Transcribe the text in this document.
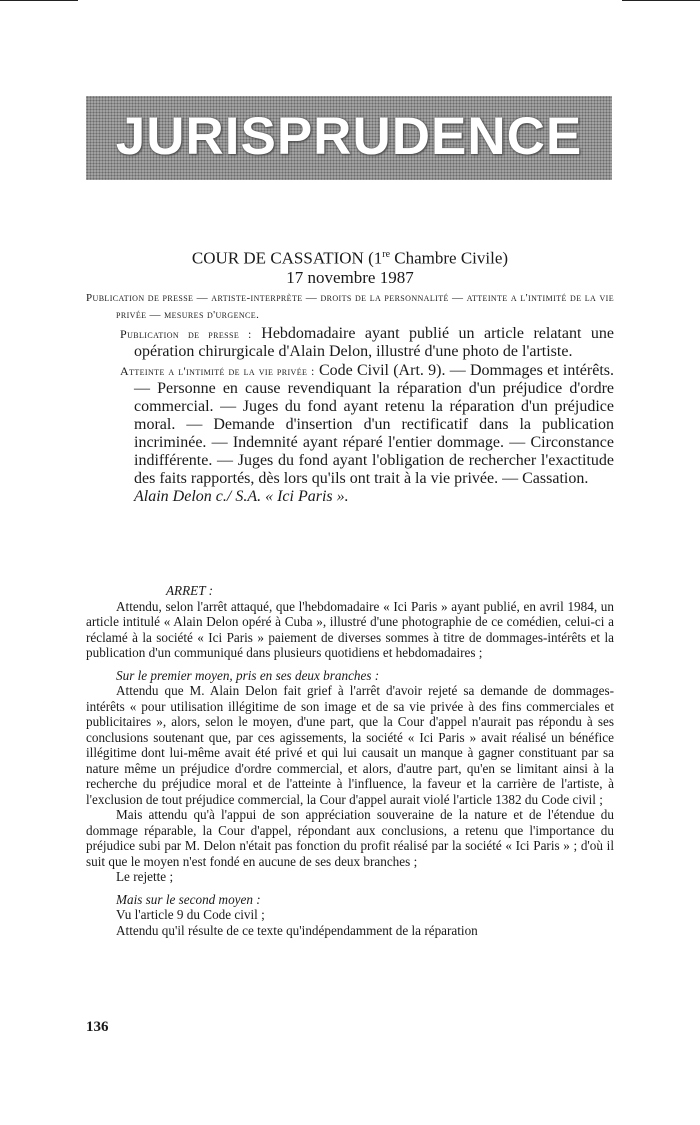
JURISPRUDENCE
COUR DE CASSATION (1re Chambre Civile)
17 novembre 1987

Publication de presse — artiste-interprète — droits de la personnalité — atteinte a l'intimité de la vie privée — mesures d'urgence.

Publication de presse : Hebdomadaire ayant publié un article relatant une opération chirurgicale d'Alain Delon, illustré d'une photo de l'artiste.

Atteinte a l'intimité de la vie privée : Code Civil (Art. 9). — Dommages et intérêts. — Personne en cause revendiquant la réparation d'un préjudice d'ordre commercial. — Juges du fond ayant retenu la réparation d'un préjudice moral. — Demande d'insertion d'un rectificatif dans la publication incriminée. — Indemnité ayant réparé l'entier dommage. — Circonstance indifférente. — Juges du fond ayant l'obligation de rechercher l'exactitude des faits rapportés, dès lors qu'ils ont trait à la vie privée. — Cassation.

Alain Delon c./ S.A. « Ici Paris ».

ARRET :

Attendu, selon l'arrêt attaqué, que l'hebdomadaire « Ici Paris » ayant publié, en avril 1984, un article intitulé « Alain Delon opéré à Cuba », illustré d'une photographie de ce comédien, celui-ci a réclamé à la société « Ici Paris » paiement de diverses sommes à titre de dommages-intérêts et la publication d'un communiqué dans plusieurs quotidiens et hebdomadaires ;

Sur le premier moyen, pris en ses deux branches :

Attendu que M. Alain Delon fait grief à l'arrêt d'avoir rejeté sa demande de dommages-intérêts « pour utilisation illégitime de son image et de sa vie privée à des fins commerciales et publicitaires », alors, selon le moyen, d'une part, que la Cour d'appel n'aurait pas répondu à ses conclusions soutenant que, par ces agissements, la société « Ici Paris » avait réalisé un bénéfice illégitime dont lui-même avait été privé et qui lui causait un manque à gagner constituant par sa nature même un préjudice d'ordre commercial, et alors, d'autre part, qu'en se limitant ainsi à la recherche du préjudice moral et de l'atteinte à l'influence, la faveur et la carrière de l'artiste, à l'exclusion de tout préjudice commercial, la Cour d'appel aurait violé l'article 1382 du Code civil ;

Mais attendu qu'à l'appui de son appréciation souveraine de la nature et de l'étendue du dommage réparable, la Cour d'appel, répondant aux conclusions, a retenu que l'importance du préjudice subi par M. Delon n'était pas fonction du profit réalisé par la société « Ici Paris » ; d'où il suit que le moyen n'est fondé en aucune de ses deux branches ;

Le rejette ;

Mais sur le second moyen :

Vu l'article 9 du Code civil ;

Attendu qu'il résulte de ce texte qu'indépendamment de la réparation

136
